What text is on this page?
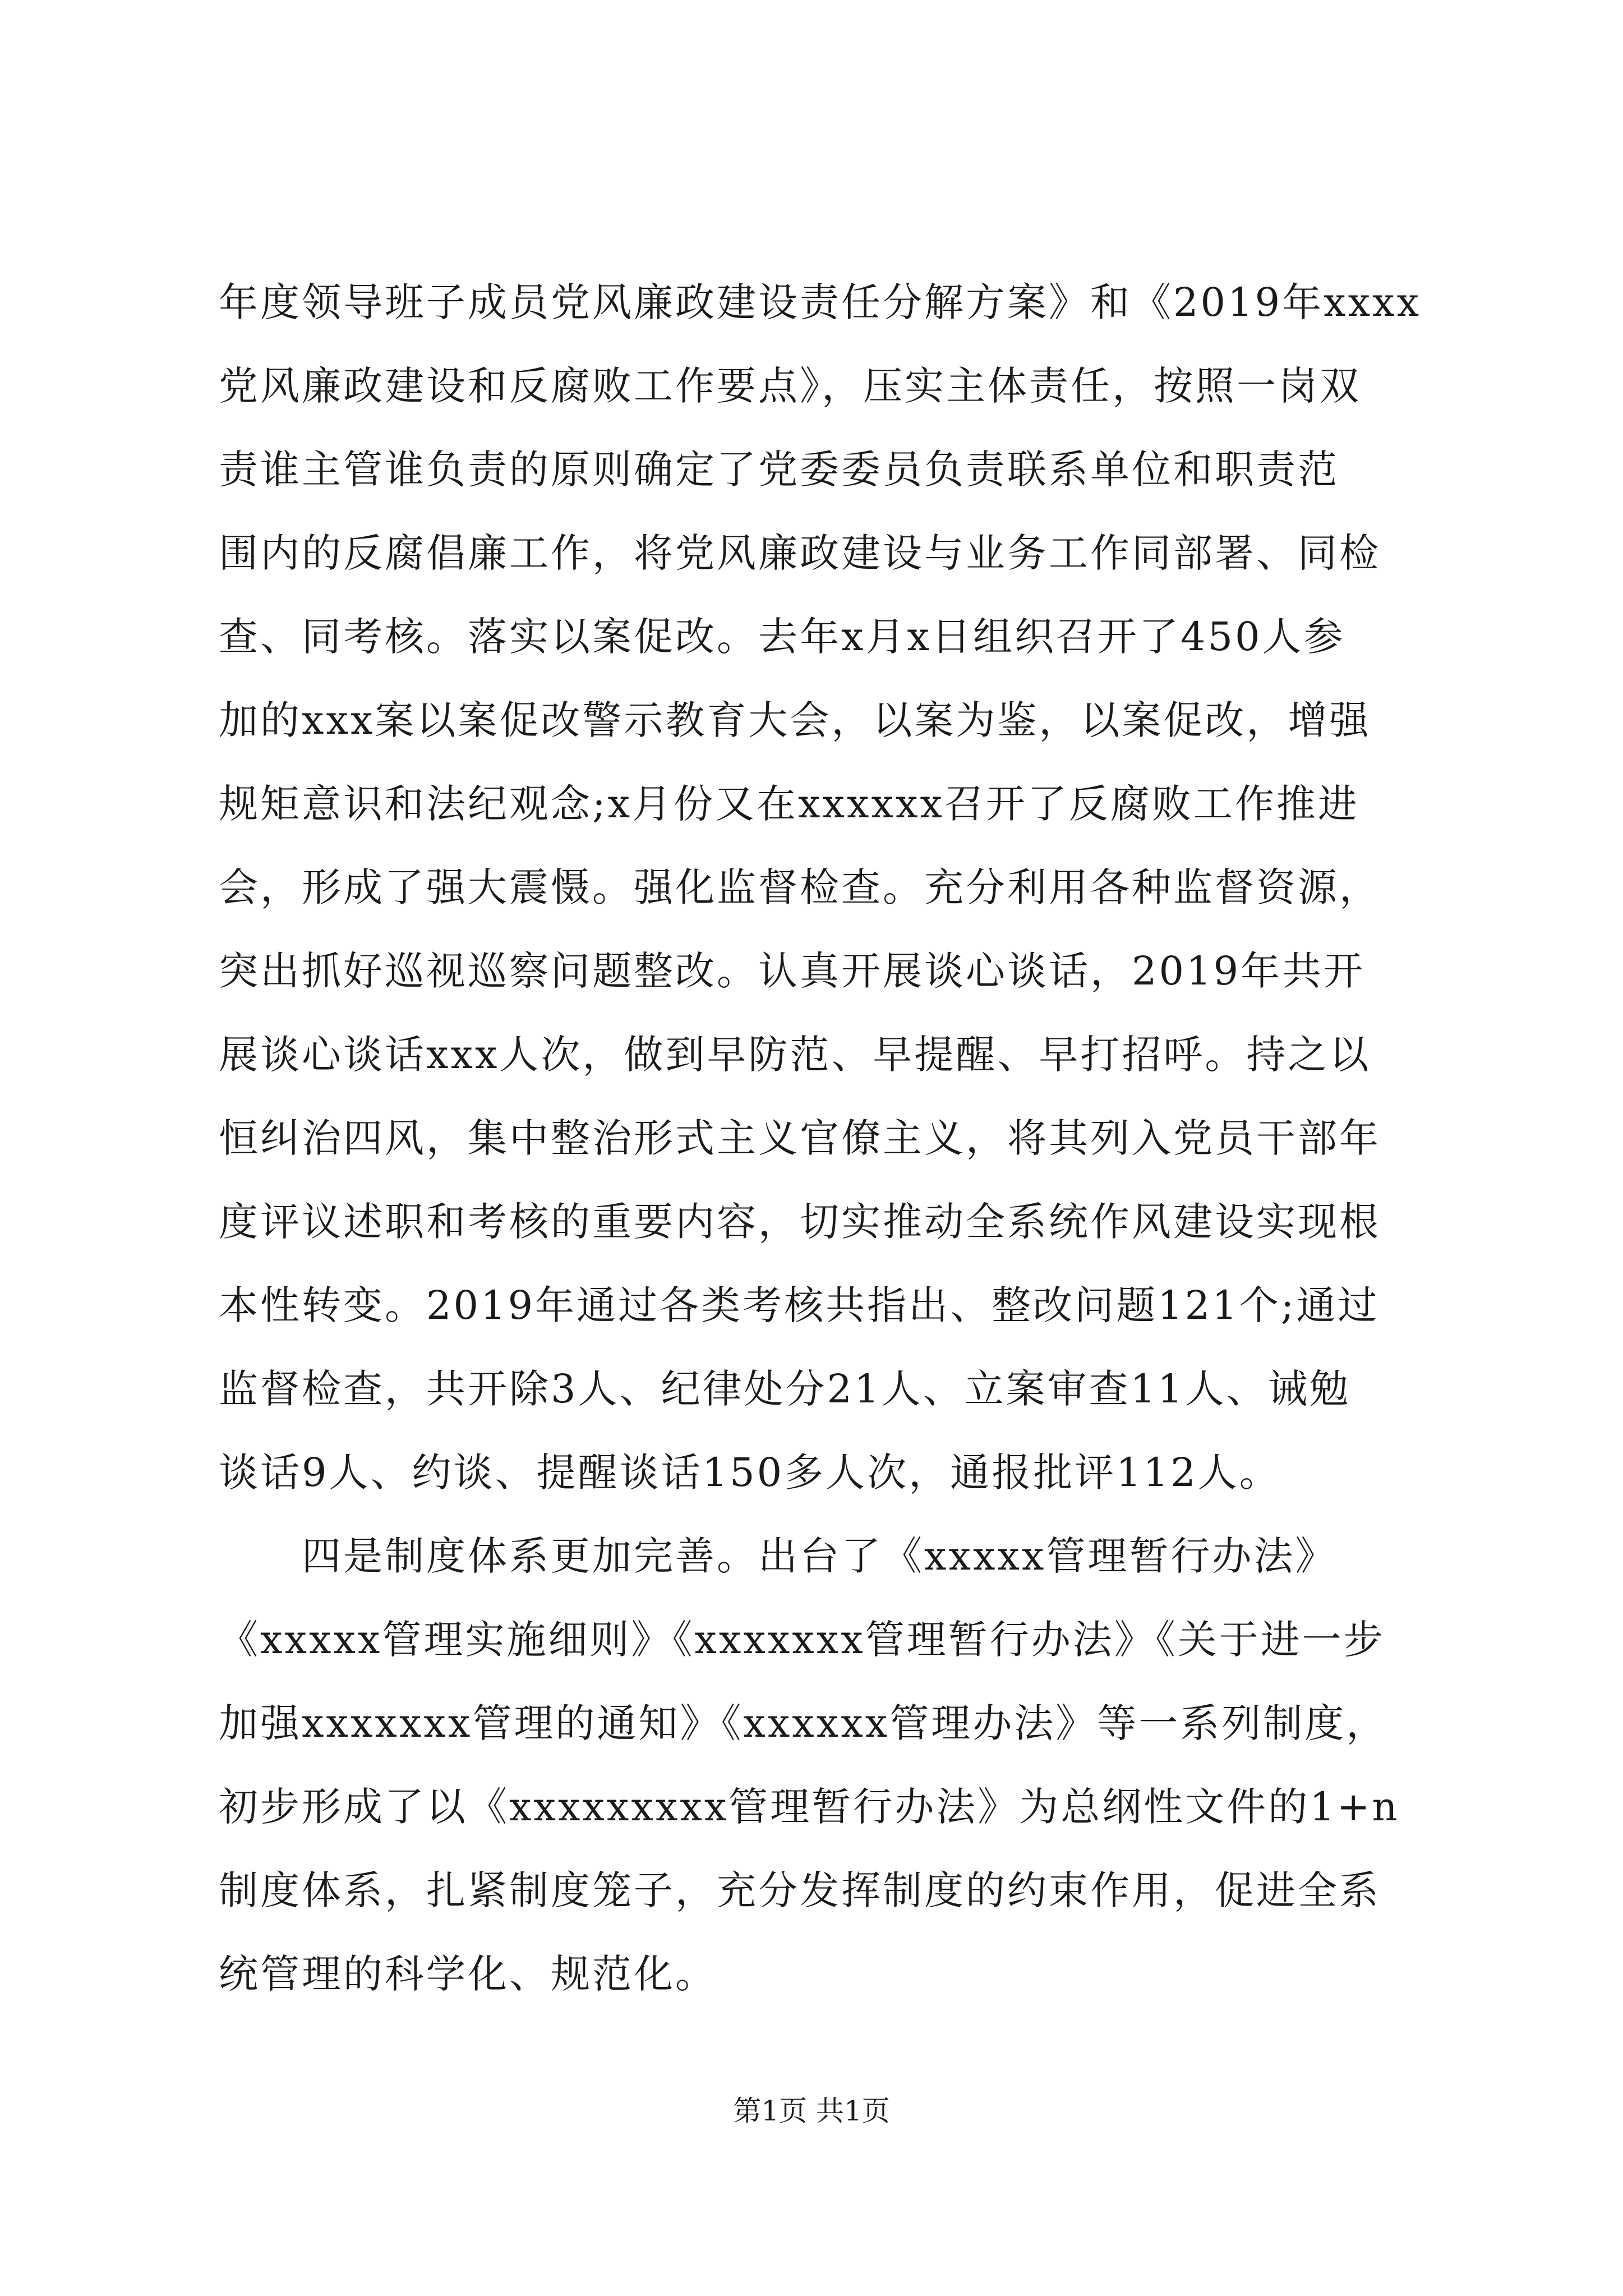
年度领导班子成员党风廉政建设责任分解方案》和《2019年xxxx
党风廉政建设和反腐败工作要点》，压实主体责任，按照一岗双
责谁主管谁负责的原则确定了党委委员负责联系单位和职责范
围内的反腐倡廉工作，将党风廉政建设与业务工作同部署、同检
查、同考核。落实以案促改。去年x月x日组织召开了450人参
加的xxx案以案促改警示教育大会，以案为鉴，以案促改，增强
规矩意识和法纪观念;x月份又在xxxxxx召开了反腐败工作推进
会，形成了强大震慑。强化监督检查。充分利用各种监督资源，
突出抓好巡视巡察问题整改。认真开展谈心谈话，2019年共开
展谈心谈话xxx人次，做到早防范、早提醒、早打招呼。持之以
恒纠治四风，集中整治形式主义官僚主义，将其列入党员干部年
度评议述职和考核的重要内容，切实推动全系统作风建设实现根
本性转变。2019年通过各类考核共指出、整改问题121个;通过
监督检查，共开除3人、纪律处分21人、立案审查11人、诫勉
谈话9人、约谈、提醒谈话150多人次，通报批评112人。
　　四是制度体系更加完善。出台了《xxxxx管理暂行办法》
《xxxxx管理实施细则》《xxxxxxx管理暂行办法》《关于进一步
加强xxxxxxx管理的通知》《xxxxxx管理办法》等一系列制度，
初步形成了以《xxxxxxxxx管理暂行办法》为总纲性文件的1+n
制度体系，扎紧制度笼子，充分发挥制度的约束作用，促进全系
统管理的科学化、规范化。
第1页 共1页
